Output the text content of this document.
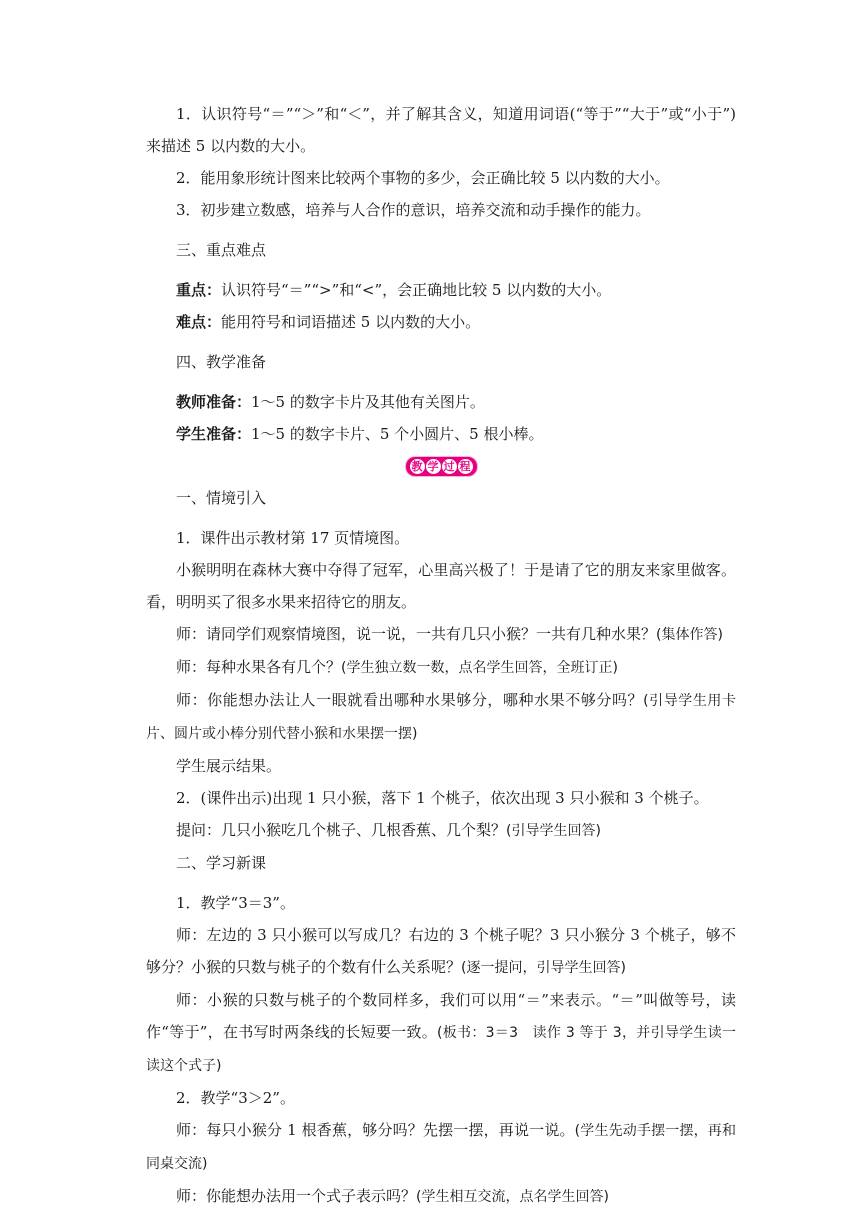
1．认识符号“＝”“＞”和“＜”，并了解其含义，知道用词语(“等于”“大于”或“小于”)来描述 5 以内数的大小。

2．能用象形统计图来比较两个事物的多少，会正确比较 5 以内数的大小。

3．初步建立数感，培养与人合作的意识，培养交流和动手操作的能力。

三、重点难点

重点：认识符号“＝”“>”和“<”，会正确地比较 5 以内数的大小。

难点：能用符号和词语描述 5 以内数的大小。

四、教学准备

教师准备：1～5 的数字卡片及其他有关图片。

学生准备：1～5 的数字卡片、5 个小圆片、5 根小棒。

教 学 过 程

一、情境引入

1．课件出示教材第 17 页情境图。

小猴明明在森林大赛中夺得了冠军，心里高兴极了！于是请了它的朋友来家里做客。看，明明买了很多水果来招待它的朋友。

师：请同学们观察情境图，说一说，一共有几只小猴？一共有几种水果？(集体作答)

师：每种水果各有几个？(学生独立数一数，点名学生回答，全班订正)

师：你能想办法让人一眼就看出哪种水果够分，哪种水果不够分吗？(引导学生用卡片、圆片或小棒分别代替小猴和水果摆一摆)

学生展示结果。

2．(课件出示)出现 1 只小猴，落下 1 个桃子，依次出现 3 只小猴和 3 个桃子。

提问：几只小猴吃几个桃子、几根香蕉、几个梨？(引导学生回答)

二、学习新课

1．教学“3＝3”。

师：左边的 3 只小猴可以写成几？右边的 3 个桃子呢？3 只小猴分 3 个桃子，够不够分？小猴的只数与桃子的个数有什么关系呢？(逐一提问，引导学生回答)

师：小猴的只数与桃子的个数同样多，我们可以用“＝”来表示。“＝”叫做等号，读作“等于”，在书写时两条线的长短要一致。(板书：3＝3　读作 3 等于 3，并引导学生读一读这个式子)

2．教学“3＞2”。

师：每只小猴分 1 根香蕉，够分吗？先摆一摆，再说一说。(学生先动手摆一摆，再和同桌交流)

师：你能想办法用一个式子表示吗？(学生相互交流，点名学生回答)
